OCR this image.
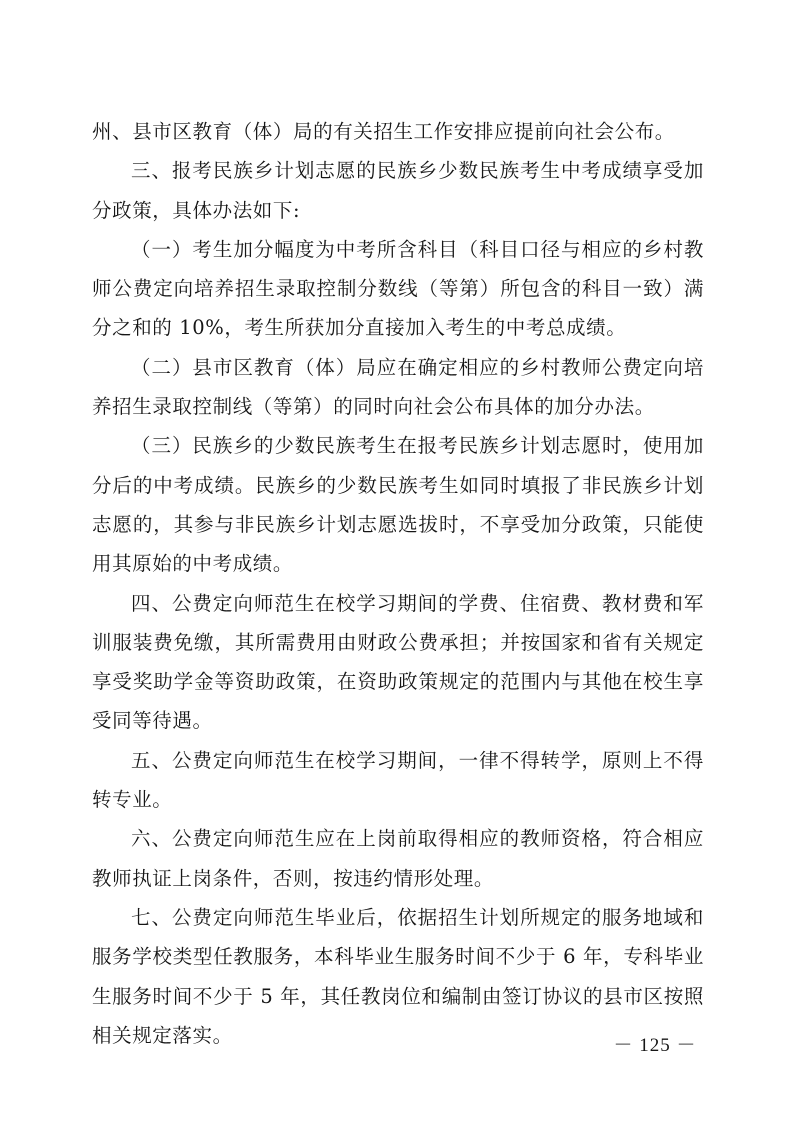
州、县市区教育（体）局的有关招生工作安排应提前向社会公布。

三、报考民族乡计划志愿的民族乡少数民族考生中考成绩享受加分政策，具体办法如下:

（一）考生加分幅度为中考所含科目（科目口径与相应的乡村教师公费定向培养招生录取控制分数线（等第）所包含的科目一致）满分之和的 10%，考生所获加分直接加入考生的中考总成绩。

（二）县市区教育（体）局应在确定相应的乡村教师公费定向培养招生录取控制线（等第）的同时向社会公布具体的加分办法。

（三）民族乡的少数民族考生在报考民族乡计划志愿时，使用加分后的中考成绩。民族乡的少数民族考生如同时填报了非民族乡计划志愿的，其参与非民族乡计划志愿选拔时，不享受加分政策，只能使用其原始的中考成绩。

四、公费定向师范生在校学习期间的学费、住宿费、教材费和军训服装费免缴，其所需费用由财政公费承担；并按国家和省有关规定享受奖助学金等资助政策，在资助政策规定的范围内与其他在校生享受同等待遇。

五、公费定向师范生在校学习期间，一律不得转学，原则上不得转专业。

六、公费定向师范生应在上岗前取得相应的教师资格，符合相应教师执证上岗条件，否则，按违约情形处理。

七、公费定向师范生毕业后，依据招生计划所规定的服务地域和服务学校类型任教服务，本科毕业生服务时间不少于 6 年，专科毕业生服务时间不少于 5 年，其任教岗位和编制由签订协议的县市区按照相关规定落实。	－ 125 －
